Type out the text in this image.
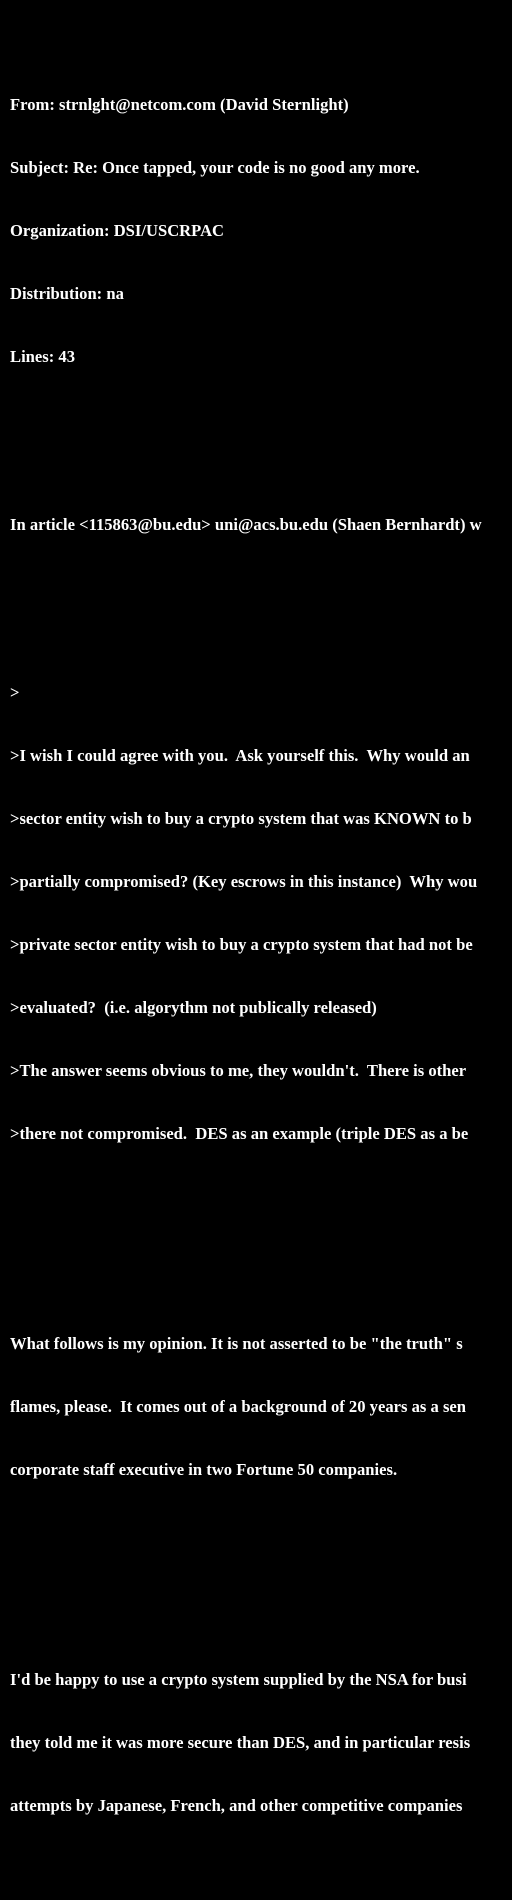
From: strnlght@netcom.com (David Sternlight)

Subject: Re: Once tapped, your code is no good any more.

Organization: DSI/USCRPAC

Distribution: na

Lines: 43

In article <115863@bu.edu> uni@acs.bu.edu (Shaen Bernhardt) w

>

>I wish I could agree with you.  Ask yourself this.  Why would an

>sector entity wish to buy a crypto system that was KNOWN to b

>partially compromised? (Key escrows in this instance)  Why wou

>private sector entity wish to buy a crypto system that had not be

>evaluated?  (i.e. algorythm not publically released)

>The answer seems obvious to me, they wouldn't.  There is other

>there not compromised.  DES as an example (triple DES as a be

What follows is my opinion. It is not asserted to be "the truth" s

flames, please.  It comes out of a background of 20 years as a sen

corporate staff executive in two Fortune 50 companies.

I'd be happy to use a crypto system supplied by the NSA for busi

they told me it was more secure than DES, and in particular resis

attempts by Japanese, French, and other competitive companies
